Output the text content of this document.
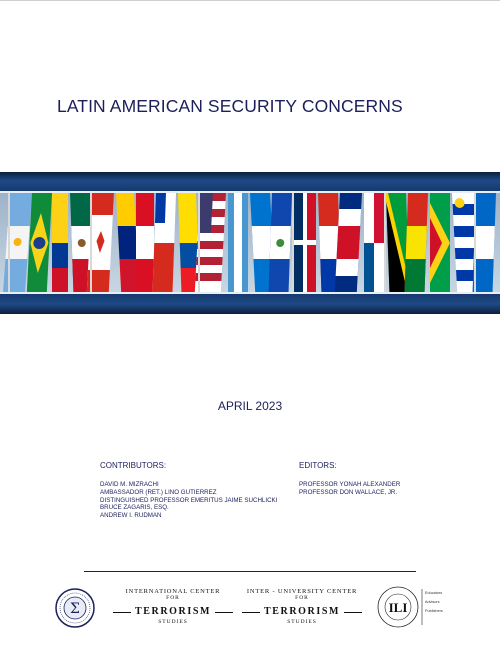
LATIN AMERICAN SECURITY CONCERNS
APRIL 2023
CONTRIBUTORS:
DAVID M. MIZRACHI
AMBASSADOR (RET.) LINO GUTIERREZ
DISTINGUISHED PROFESSOR EMERITUS JAIME SUCHLICKI
BRUCE ZAGARIS, ESQ.
ANDREW I. RUDMAN
EDITORS:
PROFESSOR YONAH ALEXANDER
PROFESSOR DON WALLACE, JR.
Σ
INTERNATIONAL CENTER
FOR
TERRORISM
STUDIES
INTER - UNIVERSITY CENTER
FOR
TERRORISM
STUDIES
ILI
Educators
Advisors
Publishers
